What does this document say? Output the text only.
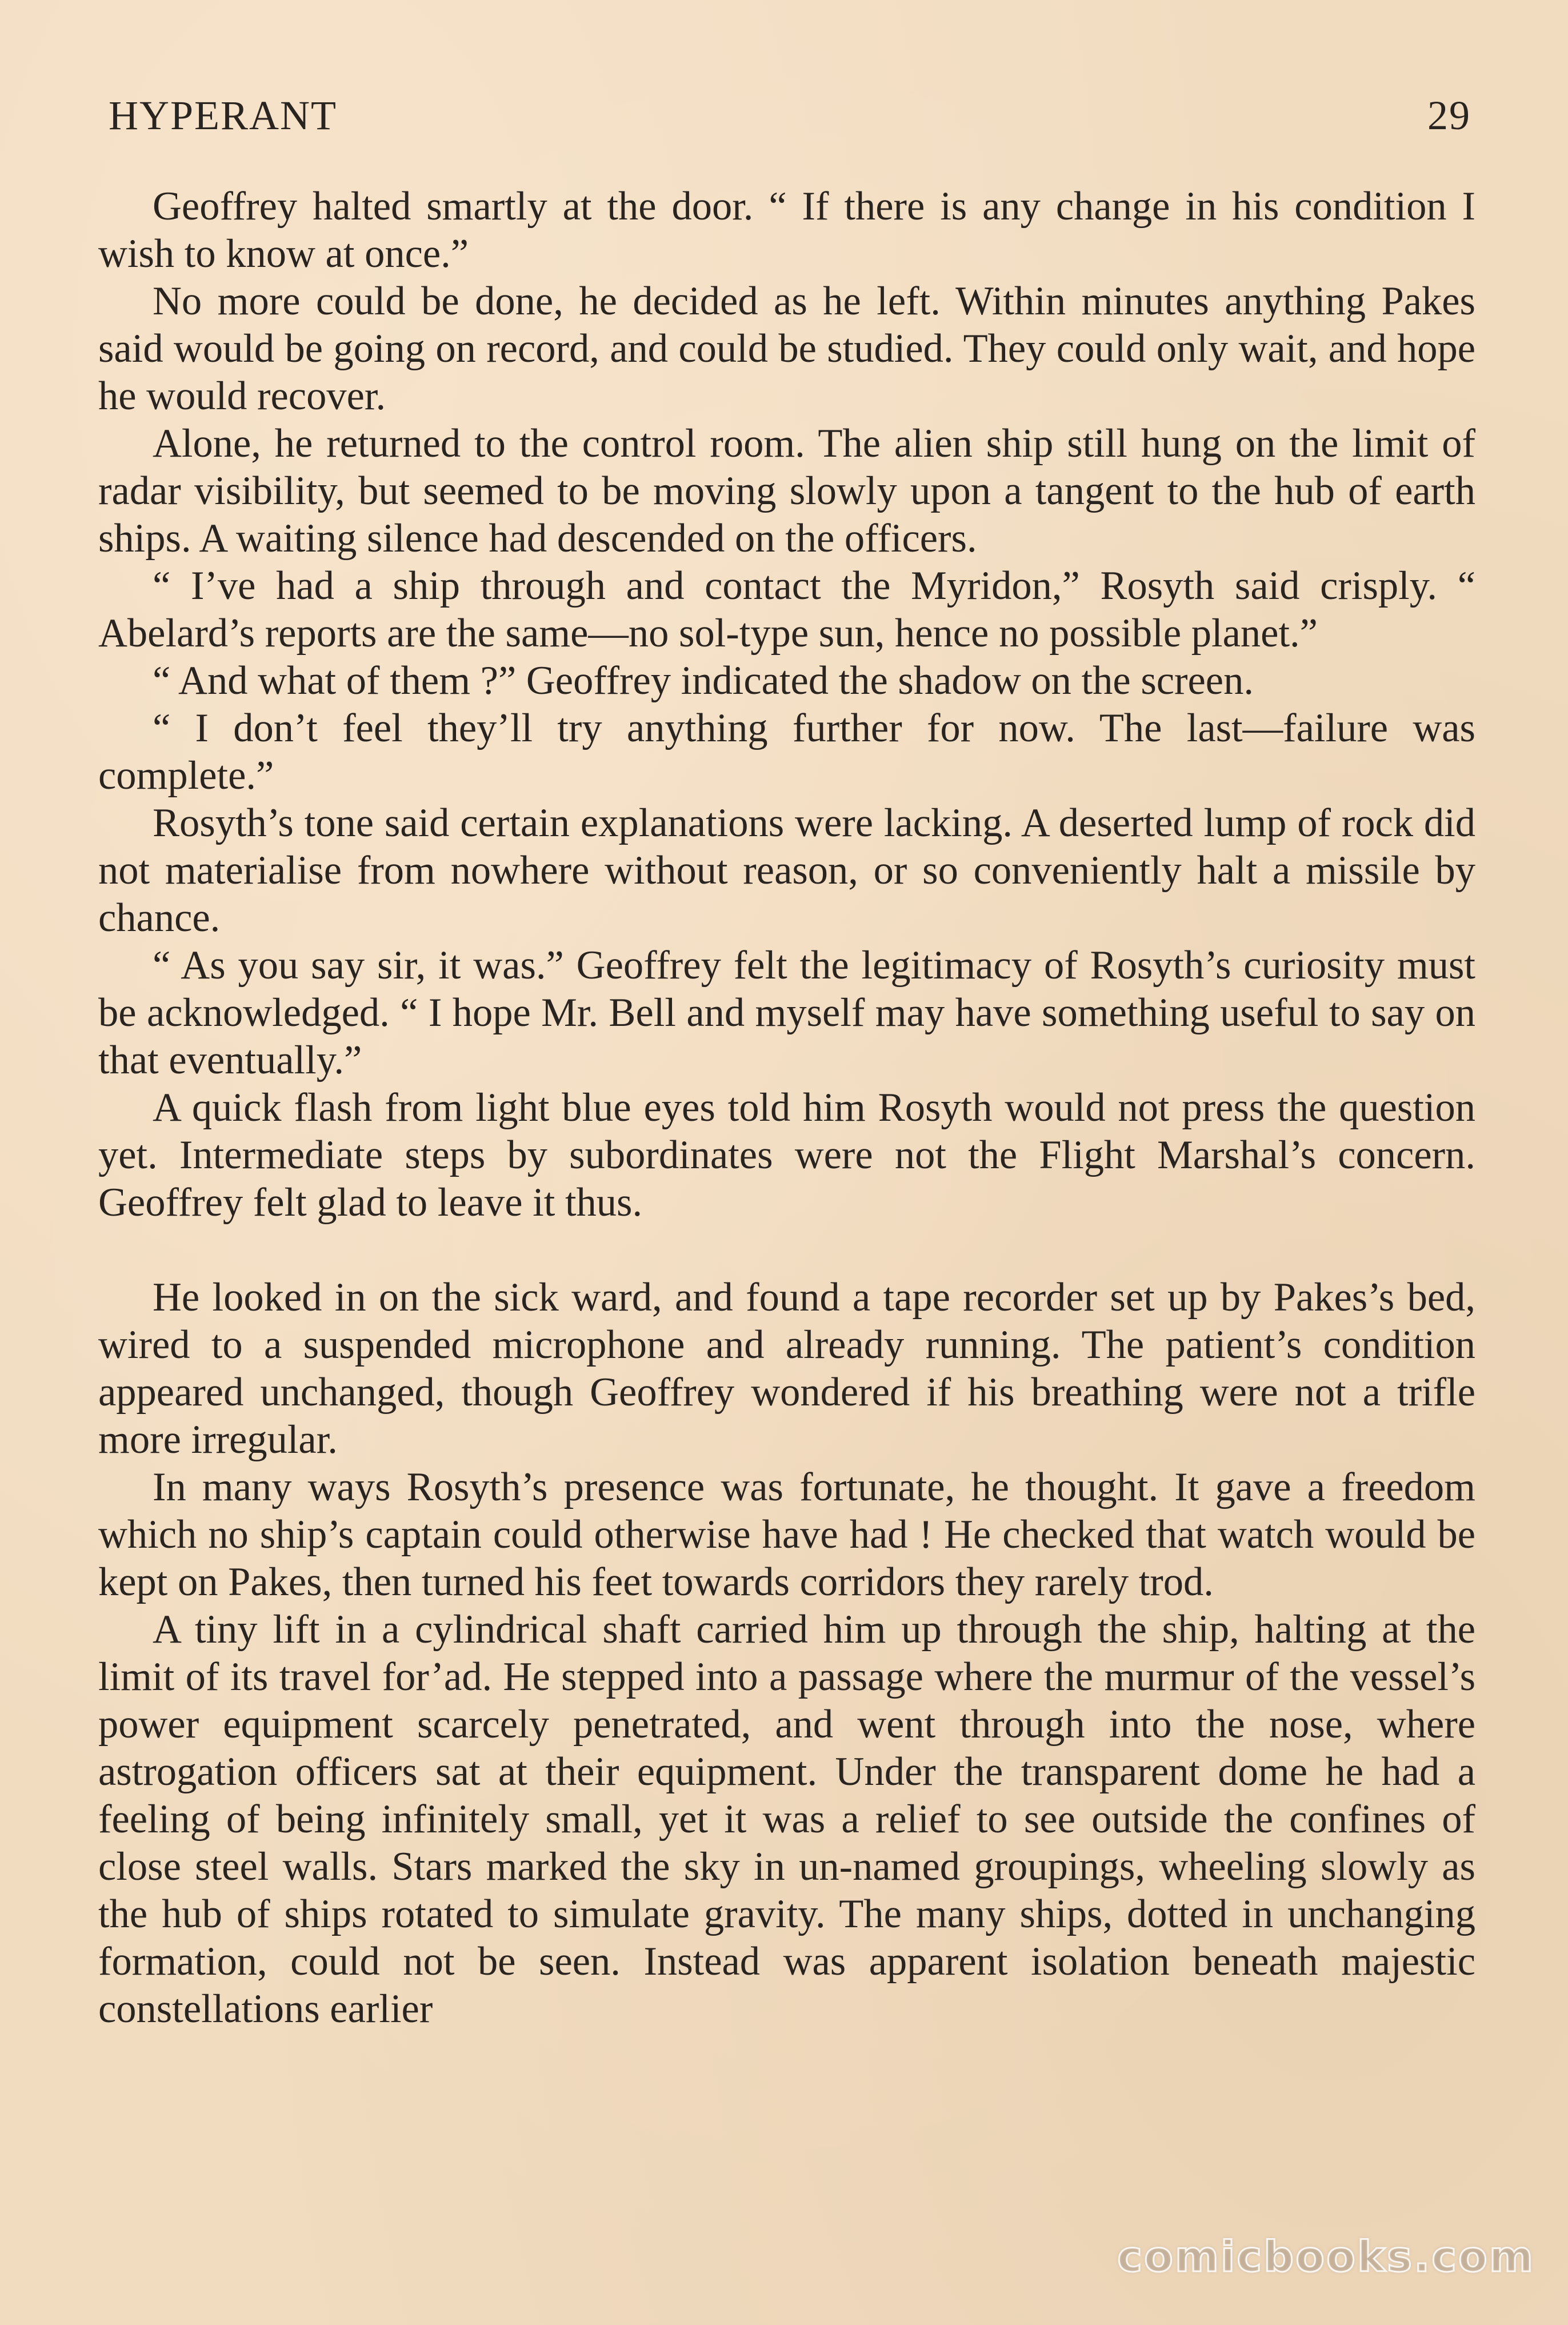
HYPERANT	29

Geoffrey halted smartly at the door. “ If there is any change in his condition I wish to know at once.”

No more could be done, he decided as he left. Within minutes anything Pakes said would be going on record, and could be studied. They could only wait, and hope he would recover.

Alone, he returned to the control room. The alien ship still hung on the limit of radar visibility, but seemed to be moving slowly upon a tangent to the hub of earth ships. A waiting silence had descended on the officers.

“ I’ve had a ship through and contact the Myridon,” Rosyth said crisply. “ Abelard’s reports are the same—no sol-type sun, hence no possible planet.”

“ And what of them ?” Geoffrey indicated the shadow on the screen.

“ I don’t feel they’ll try anything further for now. The last—failure was complete.”

Rosyth’s tone said certain explanations were lacking. A deserted lump of rock did not materialise from nowhere without reason, or so conveniently halt a missile by chance.

“ As you say sir, it was.” Geoffrey felt the legitimacy of Rosyth’s curiosity must be acknowledged. “ I hope Mr. Bell and myself may have something useful to say on that eventually.”

A quick flash from light blue eyes told him Rosyth would not press the question yet. Intermediate steps by subordinates were not the Flight Marshal’s concern. Geoffrey felt glad to leave it thus.

He looked in on the sick ward, and found a tape recorder set up by Pakes’s bed, wired to a suspended microphone and already running. The patient’s condition appeared unchanged, though Geoffrey wondered if his breathing were not a trifle more irregular.

In many ways Rosyth’s presence was fortunate, he thought. It gave a freedom which no ship’s captain could otherwise have had ! He checked that watch would be kept on Pakes, then turned his feet towards corridors they rarely trod.

A tiny lift in a cylindrical shaft carried him up through the ship, halting at the limit of its travel for’ad. He stepped into a passage where the murmur of the vessel’s power equipment scarcely penetrated, and went through into the nose, where astrogation officers sat at their equipment. Under the transparent dome he had a feeling of being infinitely small, yet it was a relief to see outside the confines of close steel walls. Stars marked the sky in un-named groupings, wheeling slowly as the hub of ships rotated to simulate gravity. The many ships, dotted in unchanging formation, could not be seen. Instead was apparent isolation beneath majestic constellations earlier

comicbooks.com
